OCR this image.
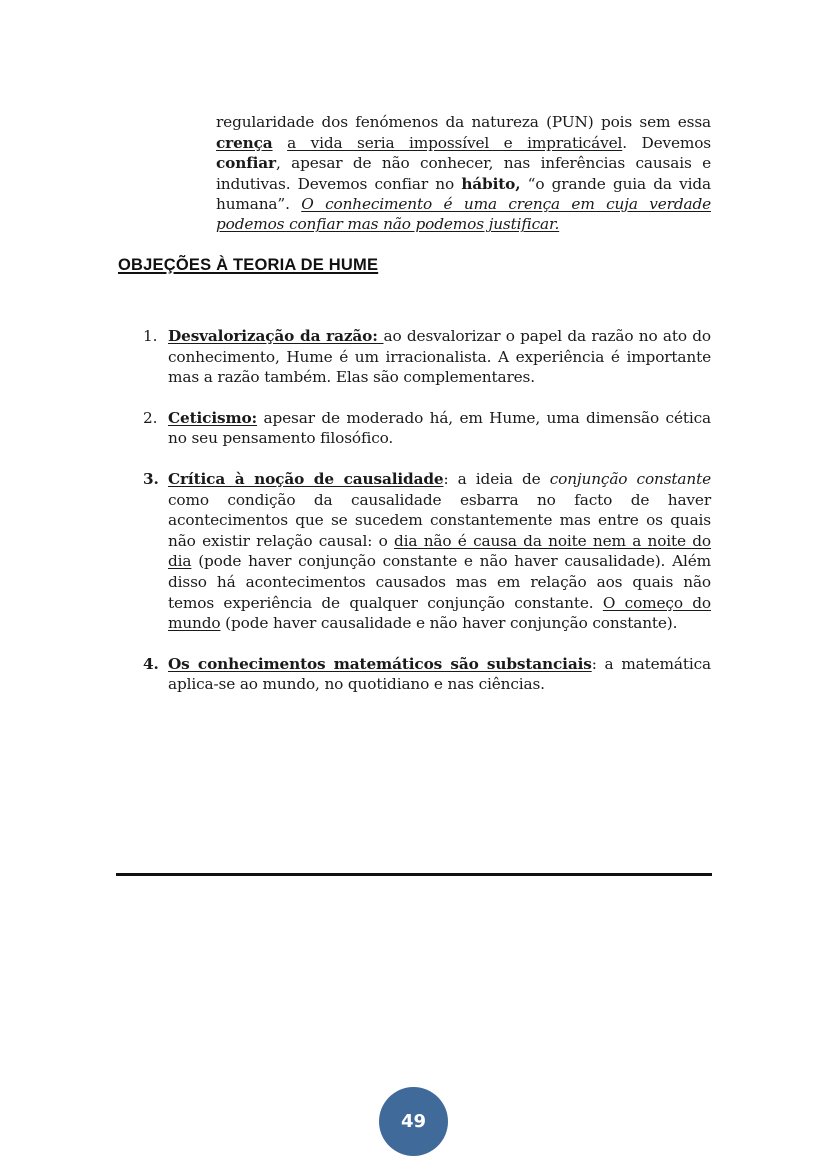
regularidade dos fenómenos da natureza (PUN) pois sem essa crença a vida seria impossível e impraticável. Devemos confiar, apesar de não conhecer, nas inferências causais e indutivas. Devemos confiar no hábito, “o grande guia da vida humana”. O conhecimento é uma crença em cuja verdade podemos confiar mas não podemos justificar.

OBJEÇÕES À TEORIA DE HUME
1. Desvalorização da razão: ao desvalorizar o papel da razão no ato do conhecimento, Hume é um irracionalista. A experiência é importante mas a razão também. Elas são complementares.
2. Ceticismo: apesar de moderado há, em Hume, uma dimensão cética no seu pensamento filosófico.
3. Crítica à noção de causalidade: a ideia de conjunção constante como condição da causalidade esbarra no facto de haver acontecimentos que se sucedem constantemente mas entre os quais não existir relação causal: o dia não é causa da noite nem a noite do dia (pode haver conjunção constante e não haver causalidade). Além disso há acontecimentos causados mas em relação aos quais não temos experiência de qualquer conjunção constante. O começo do mundo (pode haver causalidade e não haver conjunção constante).
4. Os conhecimentos matemáticos são substanciais: a matemática aplica-se ao mundo, no quotidiano e nas ciências.
49
